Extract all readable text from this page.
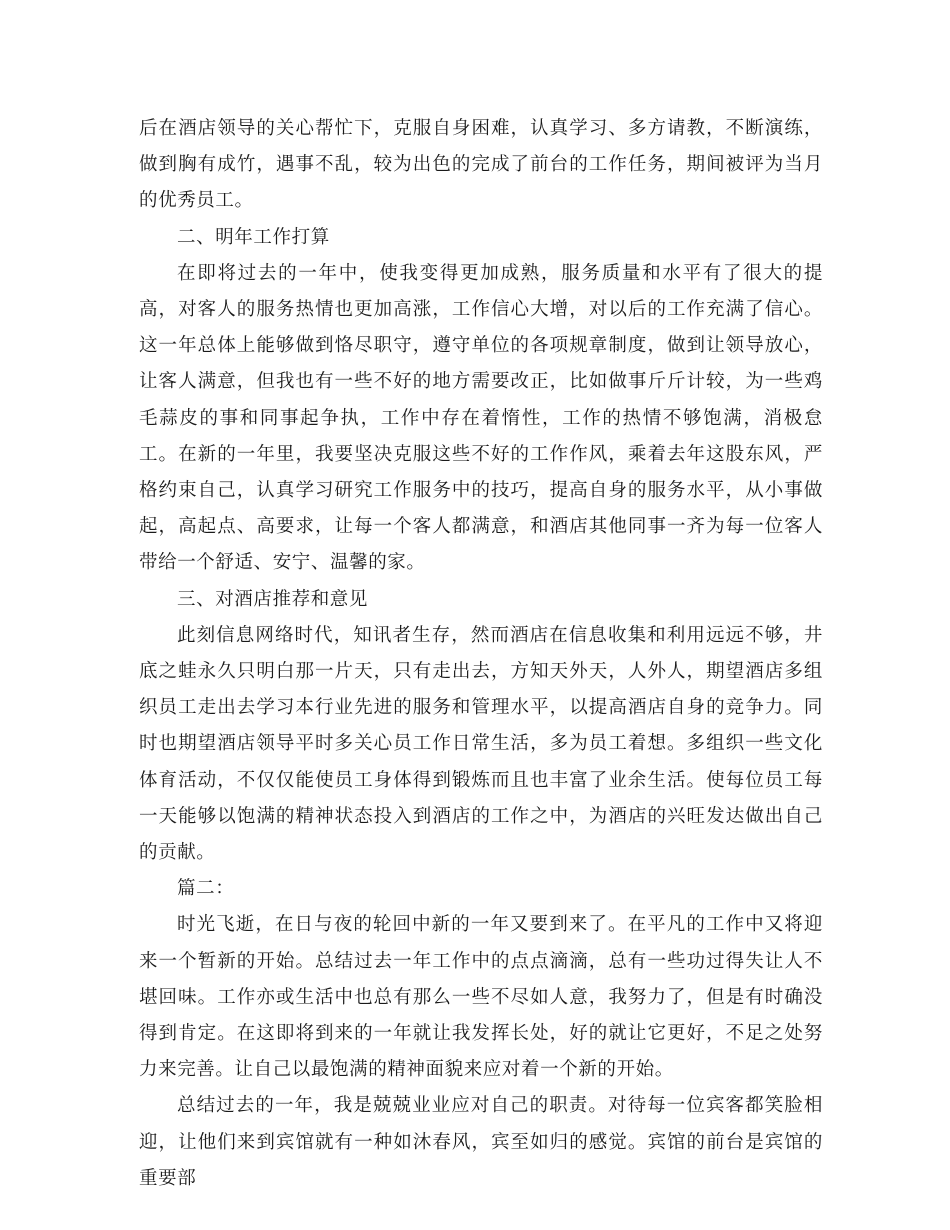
后在酒店领导的关心帮忙下，克服自身困难，认真学习、多方请教，不断演练，做到胸有成竹，遇事不乱，较为出色的完成了前台的工作任务，期间被评为当月的优秀员工。

二、明年工作打算

在即将过去的一年中，使我变得更加成熟，服务质量和水平有了很大的提高，对客人的服务热情也更加高涨，工作信心大增，对以后的工作充满了信心。这一年总体上能够做到恪尽职守，遵守单位的各项规章制度，做到让领导放心，让客人满意，但我也有一些不好的地方需要改正，比如做事斤斤计较，为一些鸡毛蒜皮的事和同事起争执，工作中存在着惰性，工作的热情不够饱满，消极怠工。在新的一年里，我要坚决克服这些不好的工作作风，乘着去年这股东风，严格约束自己，认真学习研究工作服务中的技巧，提高自身的服务水平，从小事做起，高起点、高要求，让每一个客人都满意，和酒店其他同事一齐为每一位客人带给一个舒适、安宁、温馨的家。

三、对酒店推荐和意见

此刻信息网络时代，知讯者生存，然而酒店在信息收集和利用远远不够，井底之蛙永久只明白那一片天，只有走出去，方知天外天，人外人，期望酒店多组织员工走出去学习本行业先进的服务和管理水平，以提高酒店自身的竞争力。同时也期望酒店领导平时多关心员工作日常生活，多为员工着想。多组织一些文化体育活动，不仅仅能使员工身体得到锻炼而且也丰富了业余生活。使每位员工每一天能够以饱满的精神状态投入到酒店的工作之中，为酒店的兴旺发达做出自己的贡献。

篇二：

时光飞逝，在日与夜的轮回中新的一年又要到来了。在平凡的工作中又将迎来一个暂新的开始。总结过去一年工作中的点点滴滴，总有一些功过得失让人不堪回味。工作亦或生活中也总有那么一些不尽如人意，我努力了，但是有时确没得到肯定。在这即将到来的一年就让我发挥长处，好的就让它更好，不足之处努力来完善。让自己以最饱满的精神面貌来应对着一个新的开始。

总结过去的一年，我是兢兢业业应对自己的职责。对待每一位宾客都笑脸相迎，让他们来到宾馆就有一种如沐春风，宾至如归的感觉。宾馆的前台是宾馆的重要部
